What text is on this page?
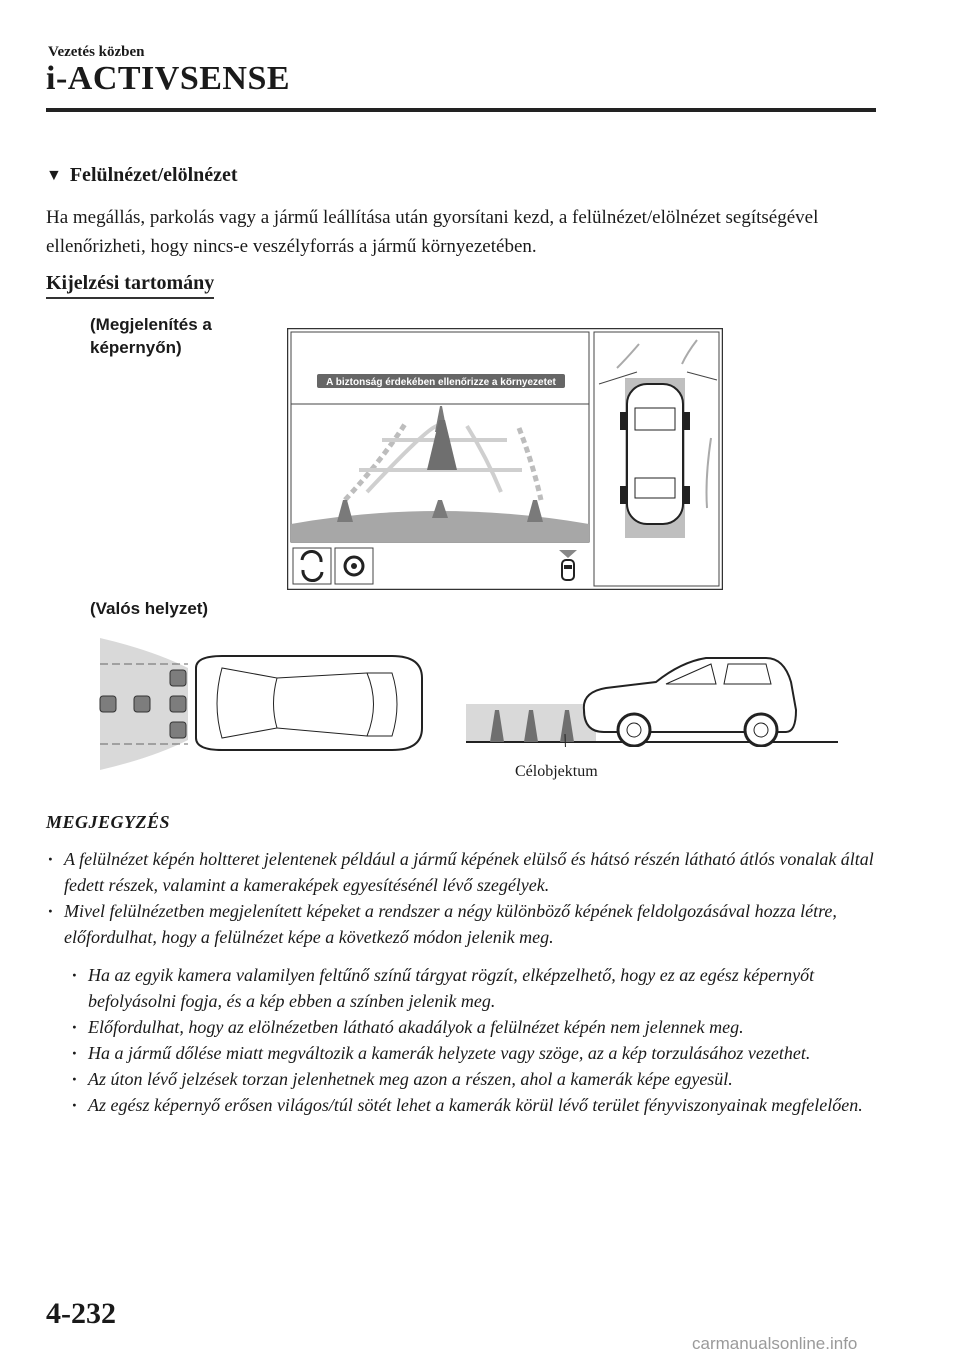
Vezetés közben
i-ACTIVSENSE
▼ Felülnézet/elölnézet
Ha megállás, parkolás vagy a jármű leállítása után gyorsítani kezd, a felülnézet/elölnézet segítségével ellenőrizheti, hogy nincs-e veszélyforrás a jármű környezetében.
Kijelzési tartomány
(Megjelenítés a képernyőn)
A biztonság érdekében ellenőrizze a környezetet
(Valós helyzet)
Célobjektum
MEGJEGYZÉS
· A felülnézet képén holtteret jelentenek például a jármű képének elülső és hátsó részén látható átlós vonalak által fedett részek, valamint a kameraképek egyesítésénél lévő szegélyek.
· Mivel felülnézetben megjelenített képeket a rendszer a négy különböző képének feldolgozásával hozza létre, előfordulhat, hogy a felülnézet képe a következő módon jelenik meg.
· Ha az egyik kamera valamilyen feltűnő színű tárgyat rögzít, elképzelhető, hogy ez az egész képernyőt befolyásolni fogja, és a kép ebben a színben jelenik meg.
· Előfordulhat, hogy az elölnézetben látható akadályok a felülnézet képén nem jelennek meg.
· Ha a jármű dőlése miatt megváltozik a kamerák helyzete vagy szöge, az a kép torzulásához vezethet.
· Az úton lévő jelzések torzan jelenhetnek meg azon a részen, ahol a kamerák képe egyesül.
· Az egész képernyő erősen világos/túl sötét lehet a kamerák körül lévő terület fényviszonyainak megfelelően.
4-232
carmanualsonline.info
